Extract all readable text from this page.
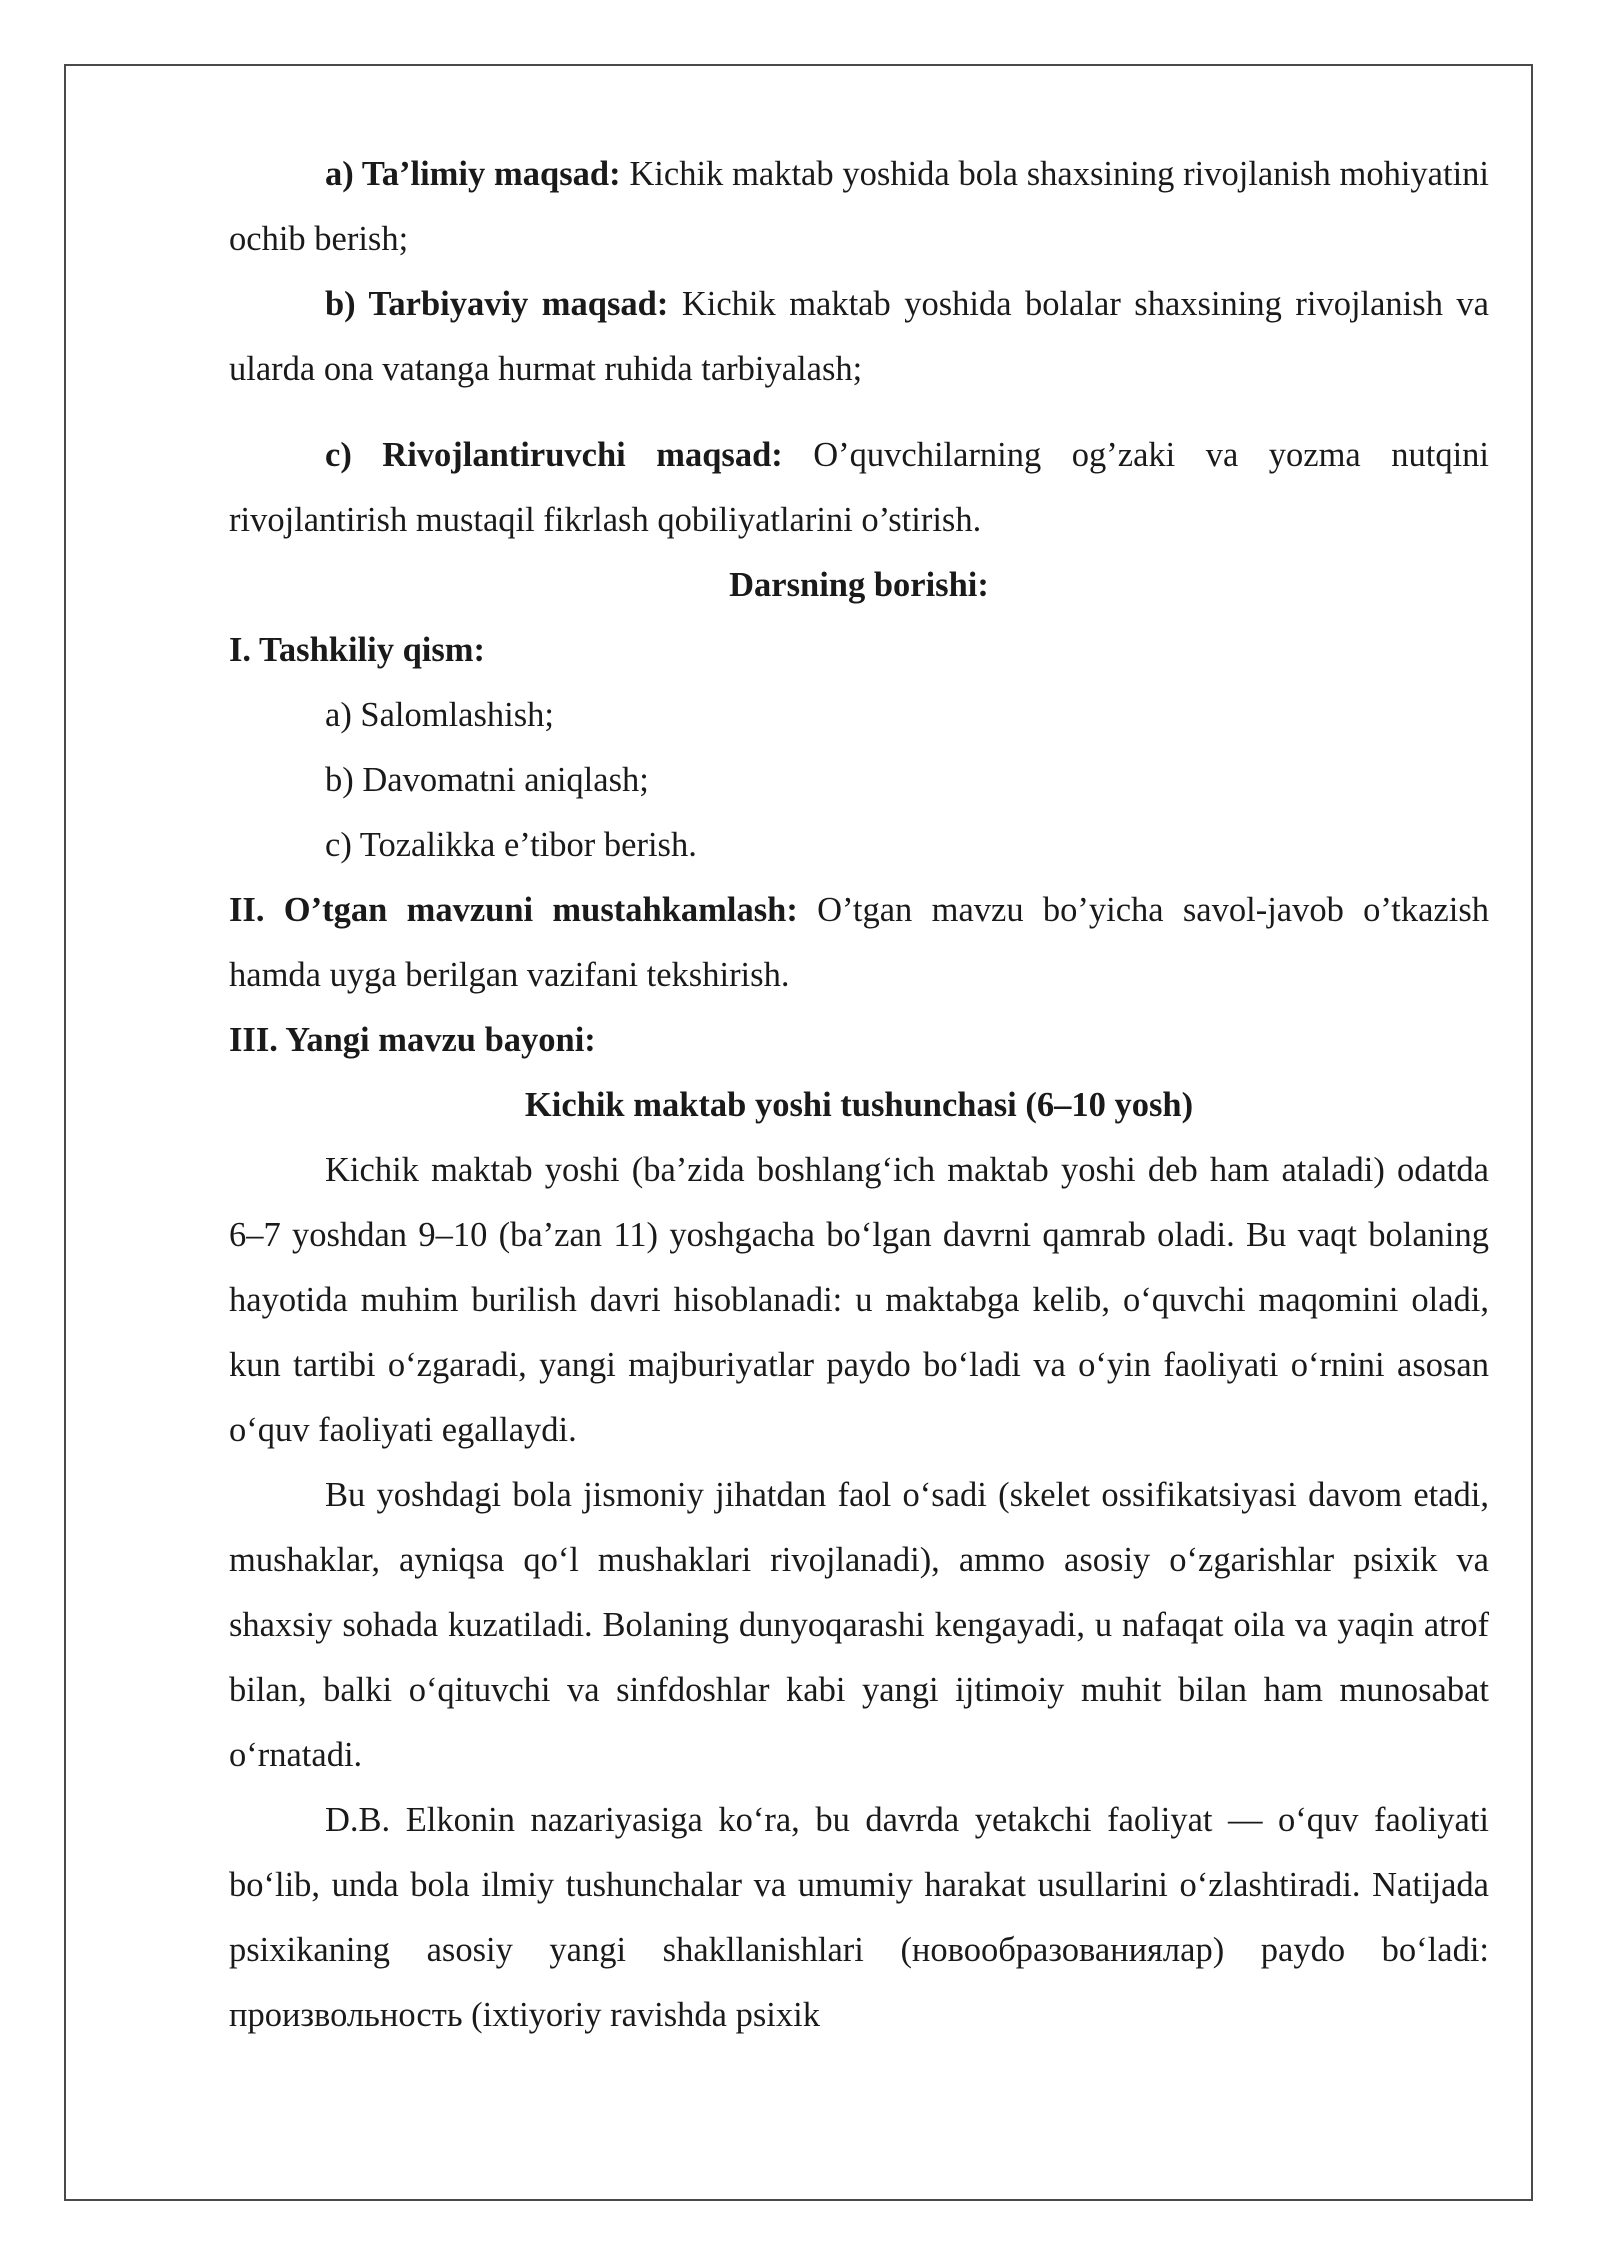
a) Ta’limiy maqsad: Kichik maktab yoshida bola shaxsining rivojlanish mohiyatini ochib berish;

b) Tarbiyaviy maqsad: Kichik maktab yoshida bolalar shaxsining rivojlanish va ularda ona vatanga hurmat ruhida tarbiyalash;

c) Rivojlantiruvchi maqsad: O’quvchilarning og’zaki va yozma nutqini rivojlantirish mustaqil fikrlash qobiliyatlarini o’stirish.

Darsning borishi:

I. Tashkiliy qism:

a) Salomlashish;

b) Davomatni aniqlash;

c) Tozalikka e’tibor berish.

II. O’tgan mavzuni mustahkamlash: O’tgan mavzu bo’yicha savol-javob o’tkazish hamda uyga berilgan vazifani tekshirish.

III. Yangi mavzu bayoni:

Kichik maktab yoshi tushunchasi (6–10 yosh)

Kichik maktab yoshi (ba’zida boshlang‘ich maktab yoshi deb ham ataladi) odatda 6–7 yoshdan 9–10 (ba’zan 11) yoshgacha bo‘lgan davrni qamrab oladi. Bu vaqt bolaning hayotida muhim burilish davri hisoblanadi: u maktabga kelib, o‘quvchi maqomini oladi, kun tartibi o‘zgaradi, yangi majburiyatlar paydo bo‘ladi va o‘yin faoliyati o‘rnini asosan o‘quv faoliyati egallaydi.

Bu yoshdagi bola jismoniy jihatdan faol o‘sadi (skelet ossifikatsiyasi davom etadi, mushaklar, ayniqsa qo‘l mushaklari rivojlanadi), ammo asosiy o‘zgarishlar psixik va shaxsiy sohada kuzatiladi. Bolaning dunyoqarashi kengayadi, u nafaqat oila va yaqin atrof bilan, balki o‘qituvchi va sinfdoshlar kabi yangi ijtimoiy muhit bilan ham munosabat o‘rnatadi.

D.B. Elkonin nazariyasiga ko‘ra, bu davrda yetakchi faoliyat — o‘quv faoliyati bo‘lib, unda bola ilmiy tushunchalar va umumiy harakat usullarini o‘zlashtiradi. Natijada psixikaning asosiy yangi shakllanishlari (новообразованиялар) paydo bo‘ladi: произвольность (ixtiyoriy ravishda psixik
